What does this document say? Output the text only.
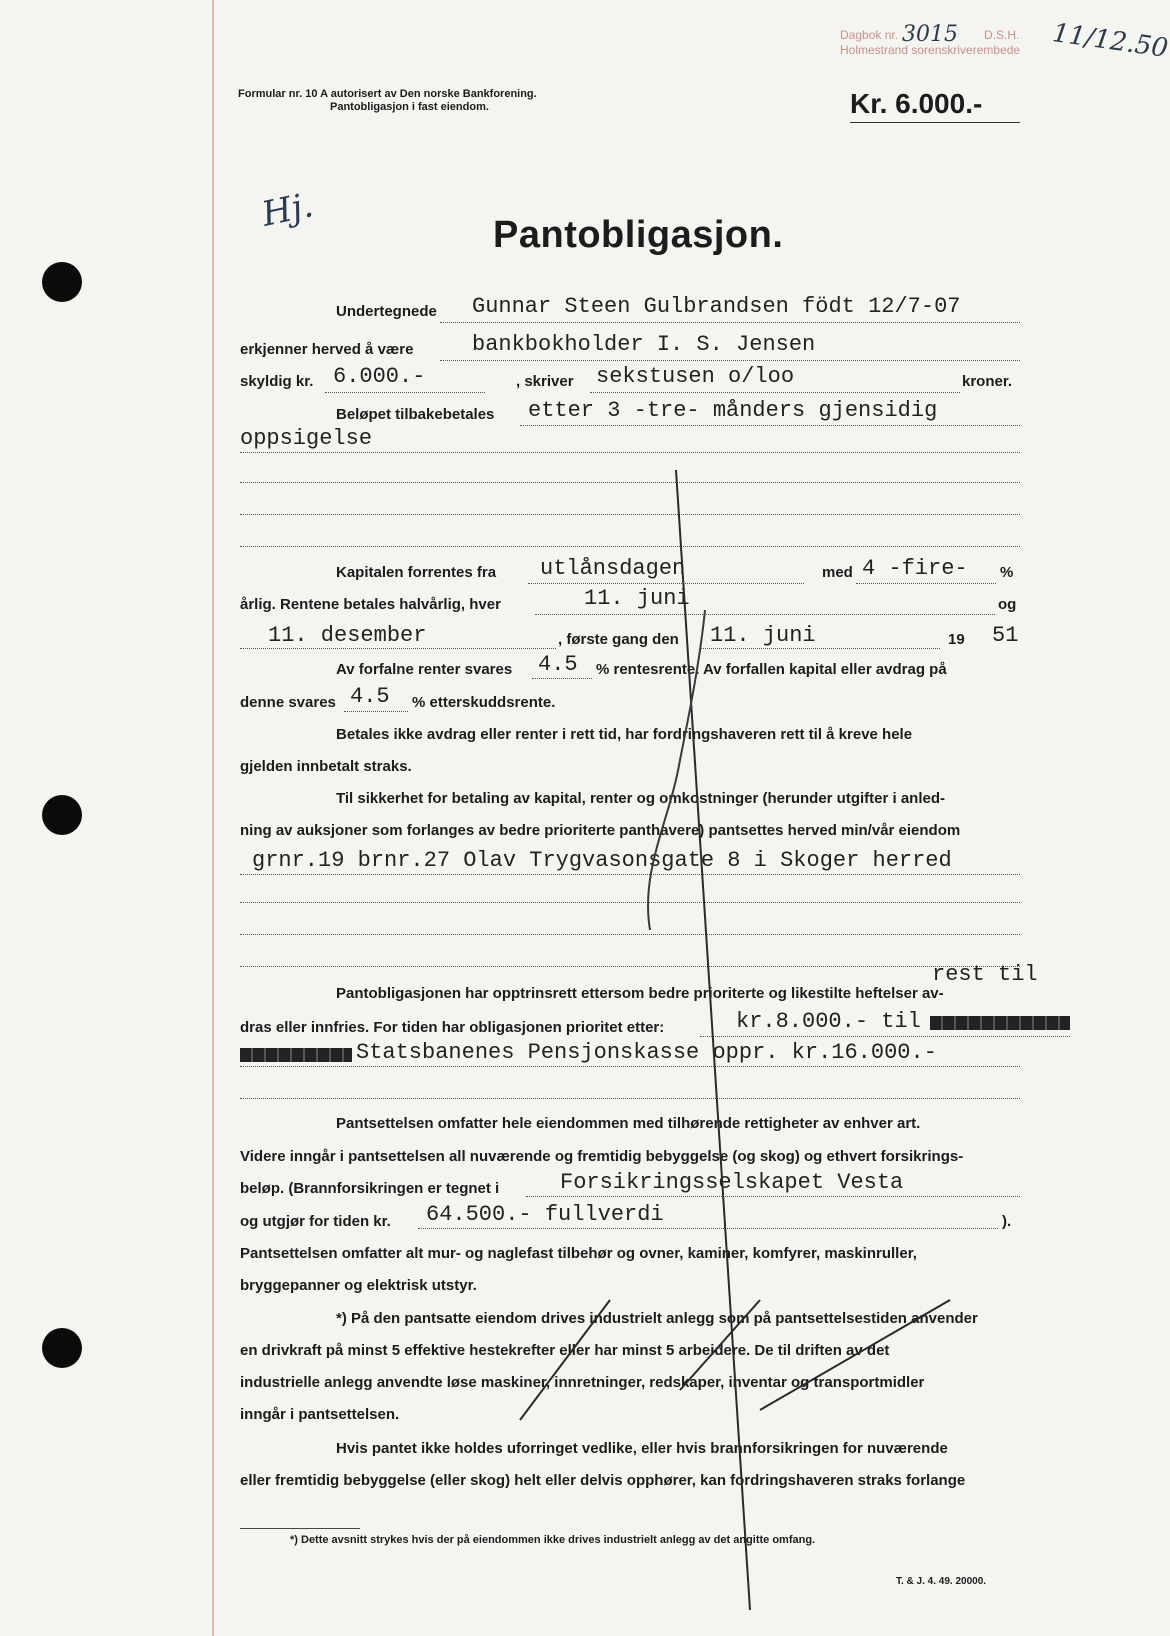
Formular nr. 10 A autorisert av Den norske Bankforening.
Pantobligasjon i fast eiendom.
Dagbok nr.	D.S.H.
Holmestrand sorenskriverembede
3015	11/12.50
Kr. 6.000.-
Hj.
Pantobligasjon.
Undertegnede Gunnar Steen Gulbrandsen födt 12/7-07
erkjenner herved å være	bankbokholder I. S. Jensen
skyldig kr. 6.000.-	, skriver sekstusen o/loo	kroner.
Beløpet tilbakebetales etter 3 -tre- månders gjensidig
oppsigelse
Kapitalen forrentes fra utlånsdagen	med 4 -fire- %
årlig. Rentene betales halvårlig, hver	11. juni	og
11. desember	, første gang den 11. juni	19 51
Av forfalne renter svares 4.5 % rentesrente. Av forfallen kapital eller avdrag på
denne svares 4.5 % etterskuddsrente.
Betales ikke avdrag eller renter i rett tid, har fordringshaveren rett til å kreve hele
gjelden innbetalt straks.
Til sikkerhet for betaling av kapital, renter og omkostninger (herunder utgifter i anled-
ning av auksjoner som forlanges av bedre prioriterte panthavere) pantsettes herved min/vår eiendom
grnr.19 brnr.27 Olav Trygvasonsgate 8 i Skoger herred
Pantobligasjonen har opptrinsrett ettersom bedre prioriterte og likestilte heftelser av-
rest til
dras eller innfries. For tiden har obligasjonen prioritet etter:	kr.8.000.- til
Statsbanenes Pensjonskasse oppr. kr.16.000.-
Pantsettelsen omfatter hele eiendommen med tilhørende rettigheter av enhver art.
Videre inngår i pantsettelsen all nuværende og fremtidig bebyggelse (og skog) og ethvert forsikrings-
beløp. (Brannforsikringen er tegnet i	Forsikringsselskapet Vesta
og utgjør for tiden kr. 64.500.- fullverdi	).
Pantsettelsen omfatter alt mur- og naglefast tilbehør og ovner, kaminer, komfyrer, maskinruller,
bryggepanner og elektrisk utstyr.
*) På den pantsatte eiendom drives industrielt anlegg som på pantsettelsestiden anvender
en drivkraft på minst 5 effektive hestekrefter eller har minst 5 arbeidere. De til driften av det
industrielle anlegg anvendte løse maskiner, innretninger, redskaper, inventar og transportmidler
inngår i pantsettelsen.
Hvis pantet ikke holdes uforringet vedlike, eller hvis brannforsikringen for nuværende
eller fremtidig bebyggelse (eller skog) helt eller delvis opphører, kan fordringshaveren straks forlange
*) Dette avsnitt strykes hvis der på eiendommen ikke drives industrielt anlegg av det angitte omfang.
T. & J. 4. 49. 20000.
